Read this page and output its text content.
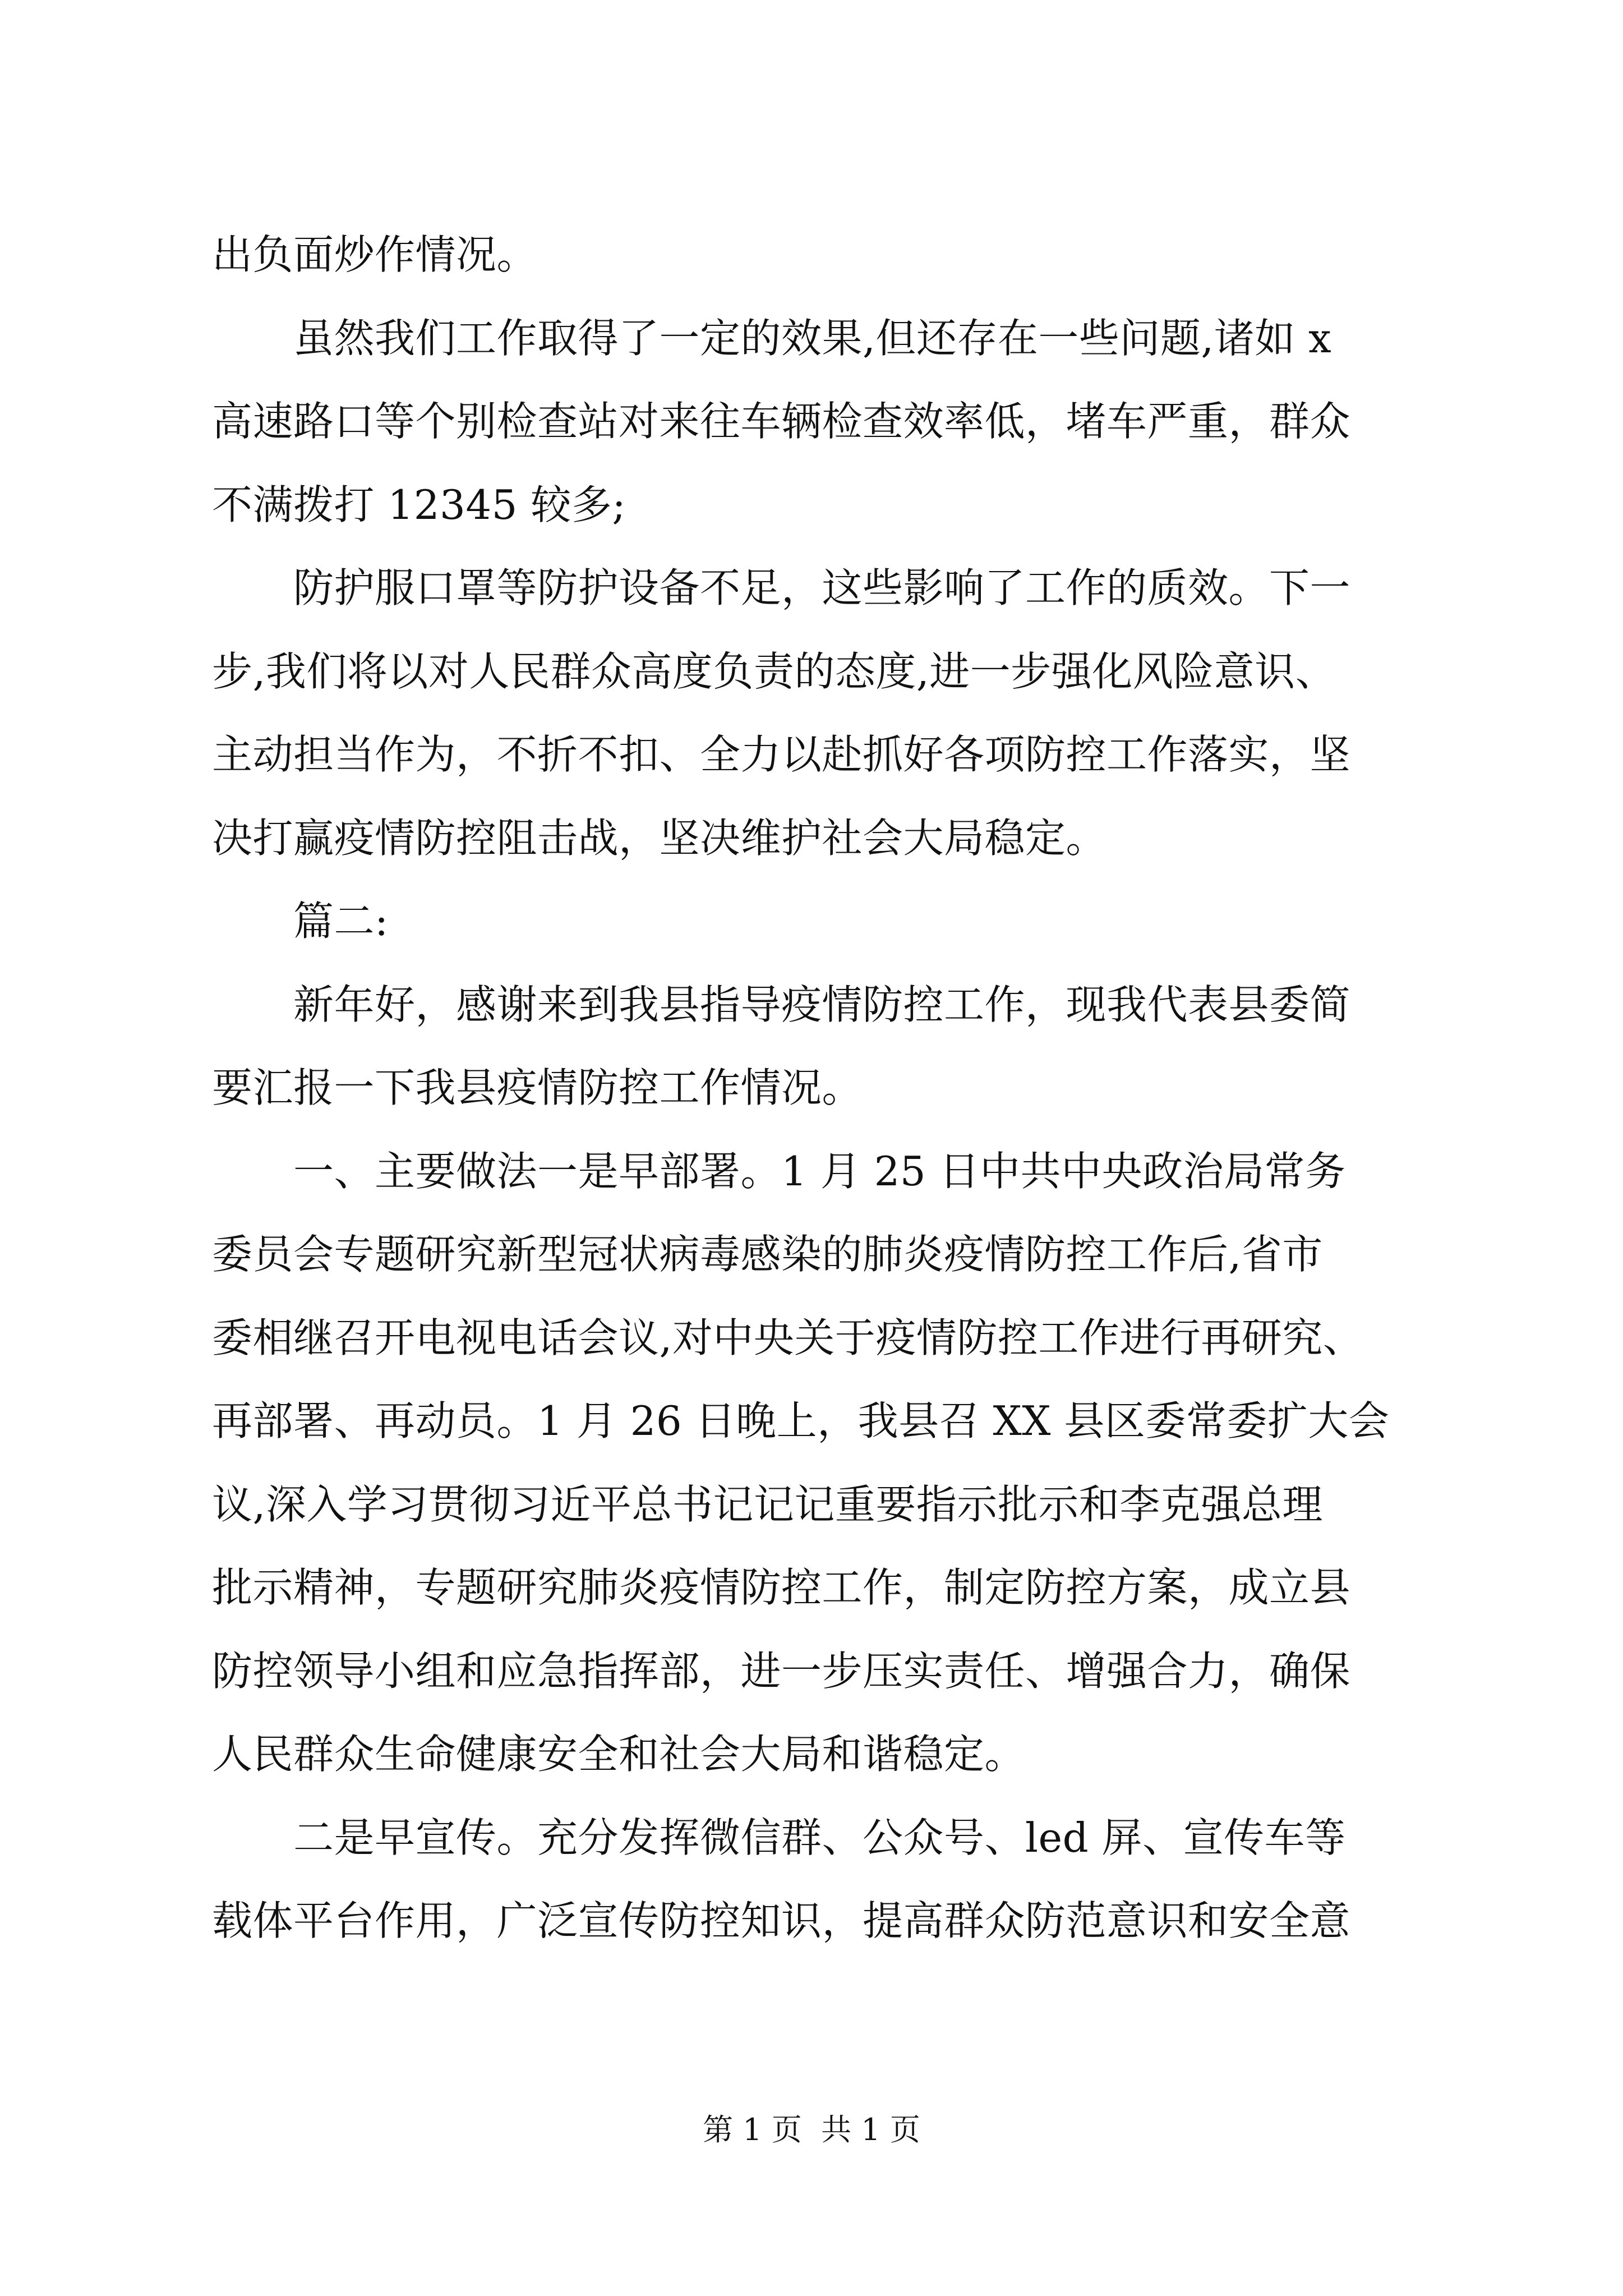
出负面炒作情况。
　　虽然我们工作取得了一定的效果,但还存在一些问题,诸如 x
高速路口等个别检查站对来往车辆检查效率低，堵车严重，群众
不满拨打 12345 较多;
　　防护服口罩等防护设备不足，这些影响了工作的质效。下一
步,我们将以对人民群众高度负责的态度,进一步强化风险意识、
主动担当作为，不折不扣、全力以赴抓好各项防控工作落实，坚
决打赢疫情防控阻击战，坚决维护社会大局稳定。
　　篇二:
　　新年好，感谢来到我县指导疫情防控工作，现我代表县委简
要汇报一下我县疫情防控工作情况。
　　一、主要做法一是早部署。1 月 25 日中共中央政治局常务
委员会专题研究新型冠状病毒感染的肺炎疫情防控工作后,省市
委相继召开电视电话会议,对中央关于疫情防控工作进行再研究、
再部署、再动员。1 月 26 日晚上，我县召 XX 县区委常委扩大会
议,深入学习贯彻习近平总书记记记重要指示批示和李克强总理
批示精神，专题研究肺炎疫情防控工作，制定防控方案，成立县
防控领导小组和应急指挥部，进一步压实责任、增强合力，确保
人民群众生命健康安全和社会大局和谐稳定。
　　二是早宣传。充分发挥微信群、公众号、led 屏、宣传车等
载体平台作用，广泛宣传防控知识，提高群众防范意识和安全意
第 1 页  共 1 页
